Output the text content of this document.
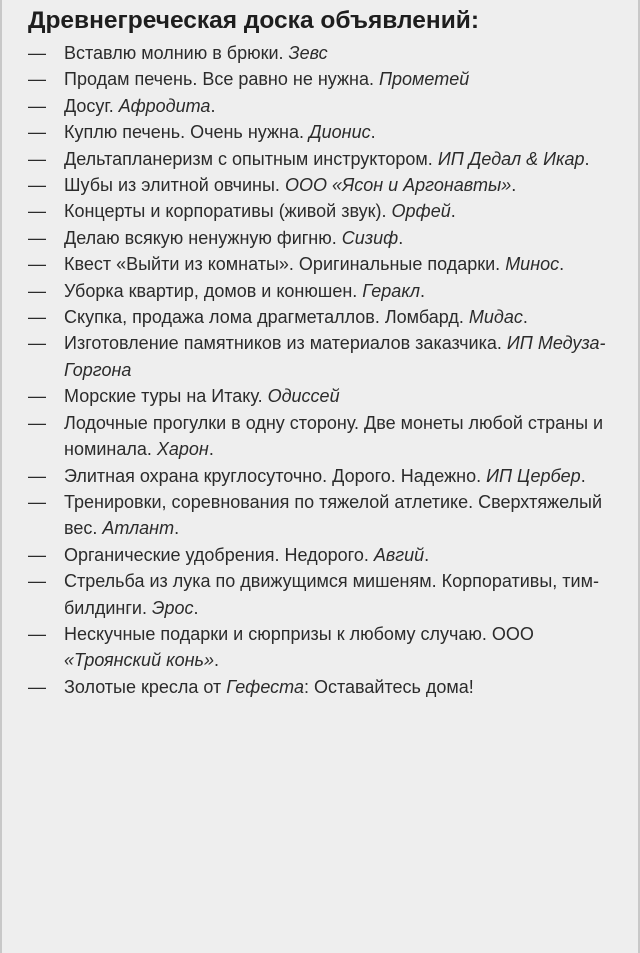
Древнегреческая доска объявлений:
—	Вставлю молнию в брюки. Зевс
—	Продам печень. Все равно не нужна. Прометей
—	Досуг. Афродита.
—	Куплю печень. Очень нужна. Дионис.
—	Дельтапланеризм с опытным инструктором. ИП Дедал & Икар.
—	Шубы из элитной овчины. ООО «Ясон и Аргонавты».
—	Концерты и корпоративы (живой звук). Орфей.
—	Делаю всякую ненужную фигню. Сизиф.
—	Квест «Выйти из комнаты». Оригинальные подарки. Минос.
—	Уборка квартир, домов и конюшен. Геракл.
—	Скупка, продажа лома драгметаллов. Ломбард. Мидас.
—	Изготовление памятников из материалов заказчика. ИП Медуза-Горгона
—	Морские туры на Итаку. Одиссей
—	Лодочные прогулки в одну сторону. Две монеты любой страны и номинала. Харон.
—	Элитная охрана круглосуточно. Дорого. Надежно. ИП Цербер.
—	Тренировки, соревнования по тяжелой атлетике. Сверхтяжелый вес. Атлант.
—	Органические удобрения. Недорого. Авгий.
—	Стрельба из лука по движущимся мишеням. Корпоративы, тим-билдинги. Эрос.
—	Нескучные подарки и сюрпризы к любому случаю. ООО «Троянский конь».
—	Золотые кресла от Гефеста: Оставайтесь дома!
